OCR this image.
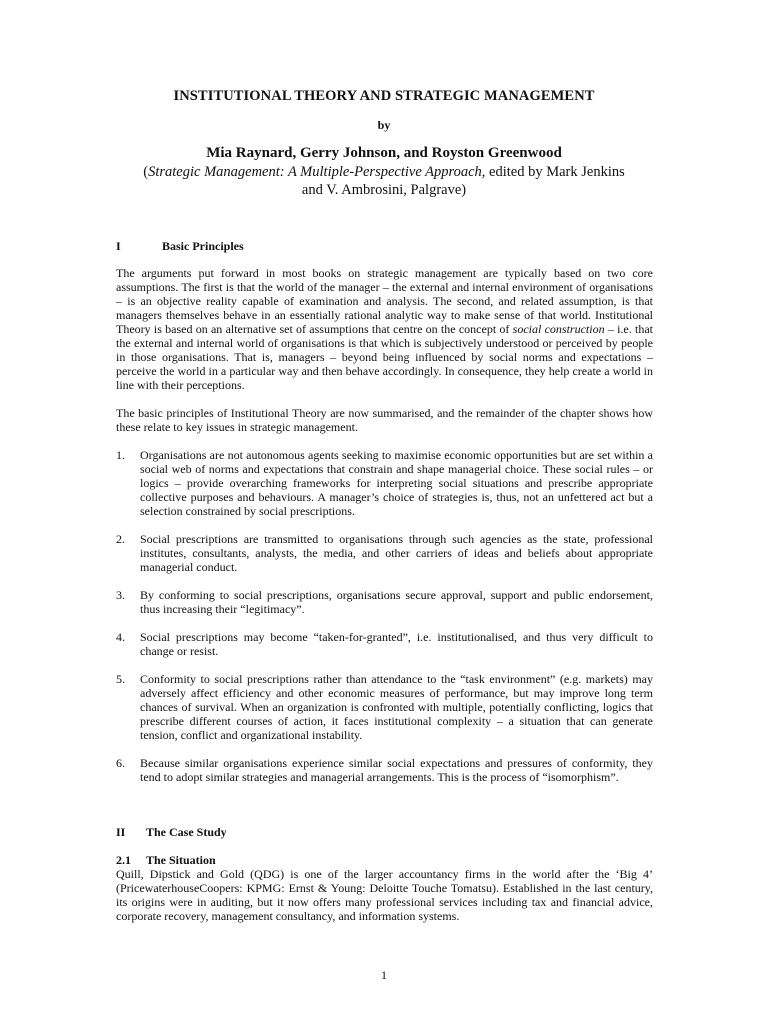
INSTITUTIONAL THEORY AND STRATEGIC MANAGEMENT
by
Mia Raynard, Gerry Johnson, and Royston Greenwood
(Strategic Management: A Multiple-Perspective Approach, edited by Mark Jenkins
and V. Ambrosini, Palgrave)
I	Basic Principles

The arguments put forward in most books on strategic management are typically based on two core assumptions. The first is that the world of the manager – the external and internal environment of organisations – is an objective reality capable of examination and analysis. The second, and related assumption, is that managers themselves behave in an essentially rational analytic way to make sense of that world. Institutional Theory is based on an alternative set of assumptions that centre on the concept of social construction – i.e. that the external and internal world of organisations is that which is subjectively understood or perceived by people in those organisations. That is, managers – beyond being influenced by social norms and expectations – perceive the world in a particular way and then behave accordingly. In consequence, they help create a world in line with their perceptions.

The basic principles of Institutional Theory are now summarised, and the remainder of the chapter shows how these relate to key issues in strategic management.

1. Organisations are not autonomous agents seeking to maximise economic opportunities but are set within a social web of norms and expectations that constrain and shape managerial choice. These social rules – or logics – provide overarching frameworks for interpreting social situations and prescribe appropriate collective purposes and behaviours. A manager’s choice of strategies is, thus, not an unfettered act but a selection constrained by social prescriptions.
2. Social prescriptions are transmitted to organisations through such agencies as the state, professional institutes, consultants, analysts, the media, and other carriers of ideas and beliefs about appropriate managerial conduct.
3. By conforming to social prescriptions, organisations secure approval, support and public endorsement, thus increasing their “legitimacy”.
4. Social prescriptions may become “taken-for-granted”, i.e. institutionalised, and thus very difficult to change or resist.
5. Conformity to social prescriptions rather than attendance to the “task environment” (e.g. markets) may adversely affect efficiency and other economic measures of performance, but may improve long term chances of survival. When an organization is confronted with multiple, potentially conflicting, logics that prescribe different courses of action, it faces institutional complexity – a situation that can generate tension, conflict and organizational instability.
6. Because similar organisations experience similar social expectations and pressures of conformity, they tend to adopt similar strategies and managerial arrangements. This is the process of “isomorphism”.
II The Case Study
2.1 The Situation

Quill, Dipstick and Gold (QDG) is one of the larger accountancy firms in the world after the ‘Big 4’ (PricewaterhouseCoopers: KPMG: Ernst & Young: Deloitte Touche Tomatsu). Established in the last century, its origins were in auditing, but it now offers many professional services including tax and financial advice, corporate recovery, management consultancy, and information systems.

1
